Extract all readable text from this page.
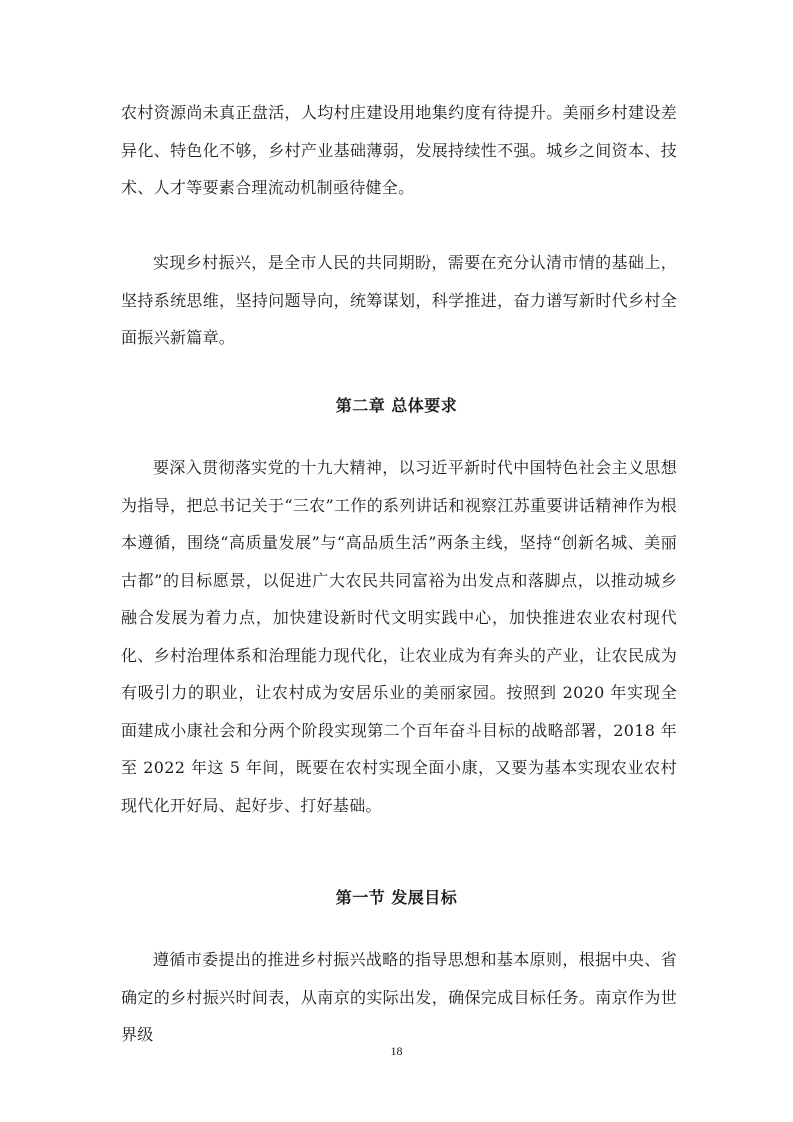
农村资源尚未真正盘活，人均村庄建设用地集约度有待提升。美丽乡村建设差异化、特色化不够，乡村产业基础薄弱，发展持续性不强。城乡之间资本、技术、人才等要素合理流动机制亟待健全。

实现乡村振兴，是全市人民的共同期盼，需要在充分认清市情的基础上，坚持系统思维，坚持问题导向，统筹谋划，科学推进，奋力谱写新时代乡村全面振兴新篇章。

第二章 总体要求

要深入贯彻落实党的十九大精神，以习近平新时代中国特色社会主义思想为指导，把总书记关于“三农”工作的系列讲话和视察江苏重要讲话精神作为根本遵循，围绕“高质量发展”与“高品质生活”两条主线，坚持“创新名城、美丽古都”的目标愿景，以促进广大农民共同富裕为出发点和落脚点，以推动城乡融合发展为着力点，加快建设新时代文明实践中心，加快推进农业农村现代化、乡村治理体系和治理能力现代化，让农业成为有奔头的产业，让农民成为有吸引力的职业，让农村成为安居乐业的美丽家园。按照到 2020 年实现全面建成小康社会和分两个阶段实现第二个百年奋斗目标的战略部署，2018 年至 2022 年这 5 年间，既要在农村实现全面小康，又要为基本实现农业农村现代化开好局、起好步、打好基础。

第一节 发展目标

遵循市委提出的推进乡村振兴战略的指导思想和基本原则，根据中央、省确定的乡村振兴时间表，从南京的实际出发，确保完成目标任务。南京作为世界级

18
